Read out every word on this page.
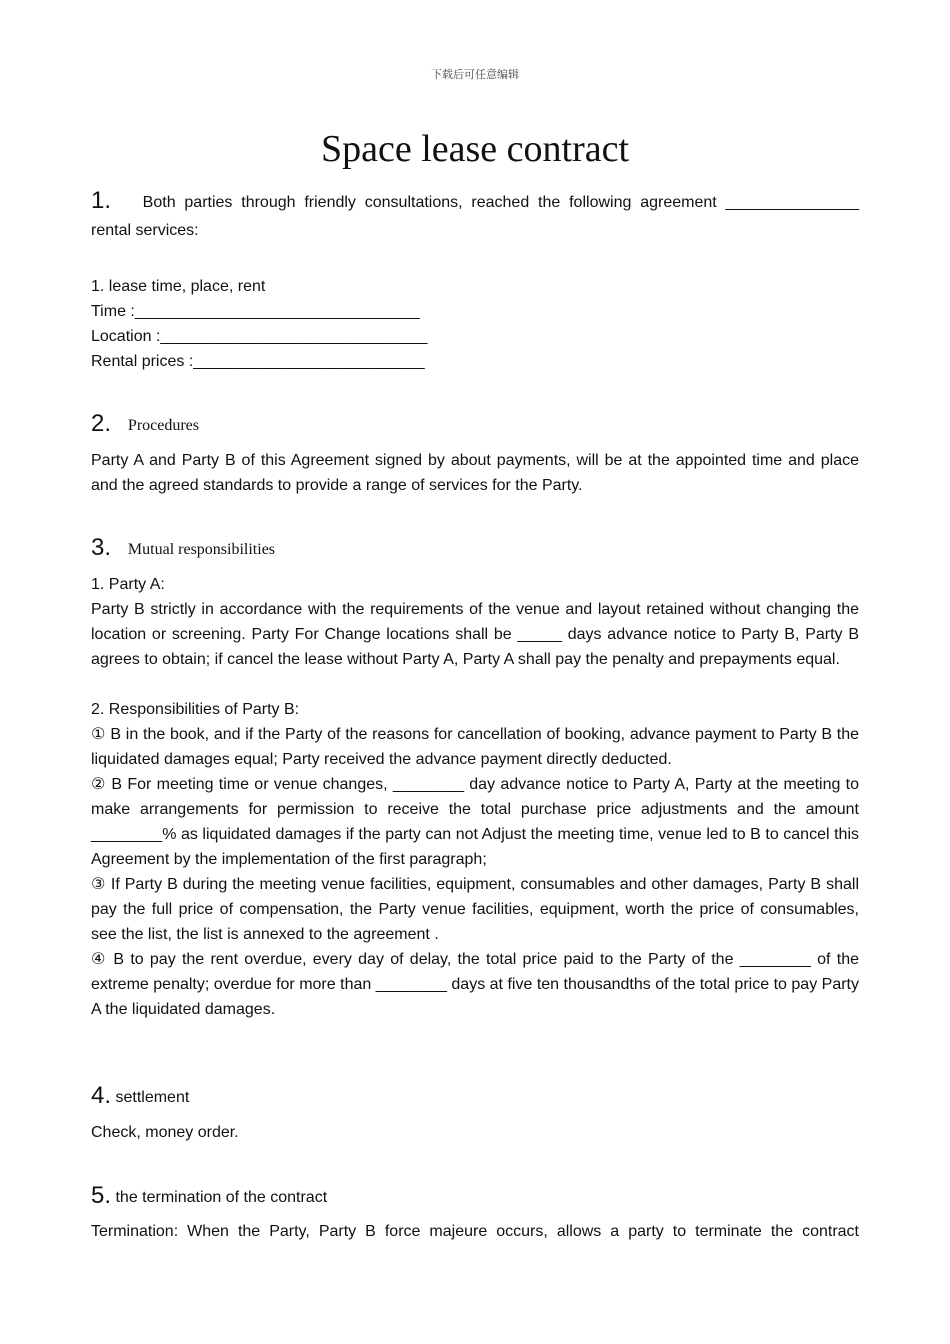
下载后可任意编辑
Space lease contract
1. Both parties through friendly consultations, reached the following agreement _______________
rental services:
1. lease time, place, rent
Time :________________________________
Location :______________________________
Rental prices :__________________________
2. Procedures

Party A and Party B of this Agreement signed by about payments, will be at the appointed time and place and the agreed standards to provide a range of services for the Party.

3. Mutual responsibilities
1. Party A:

Party B strictly in accordance with the requirements of the venue and layout retained without changing the location or screening. Party For Change locations shall be _____ days advance notice to Party B, Party B agrees to obtain; if cancel the lease without Party A, Party A shall pay the penalty and prepayments equal.

2. Responsibilities of Party B:

① B in the book, and if the Party of the reasons for cancellation of booking, advance payment to Party B the liquidated damages equal; Party received the advance payment directly deducted.

② B For meeting time or venue changes, ________ day advance notice to Party A, Party at the meeting to make arrangements for permission to receive the total purchase price adjustments and the amount ________% as liquidated damages if the party can not Adjust the meeting time, venue led to B to cancel this Agreement by the implementation of the first paragraph;

③ If Party B during the meeting venue facilities, equipment, consumables and other damages, Party B shall pay the full price of compensation, the Party venue facilities, equipment, worth the price of consumables, see the list, the list is annexed to the agreement .

④ B to pay the rent overdue, every day of delay, the total price paid to the Party of the ________ of the extreme penalty; overdue for more than ________ days at five ten thousandths of the total price to pay Party A the liquidated damages.

4. settlement

Check, money order.

5. the termination of the contract

Termination: When the Party, Party B force majeure occurs, allows a party to terminate the contract
